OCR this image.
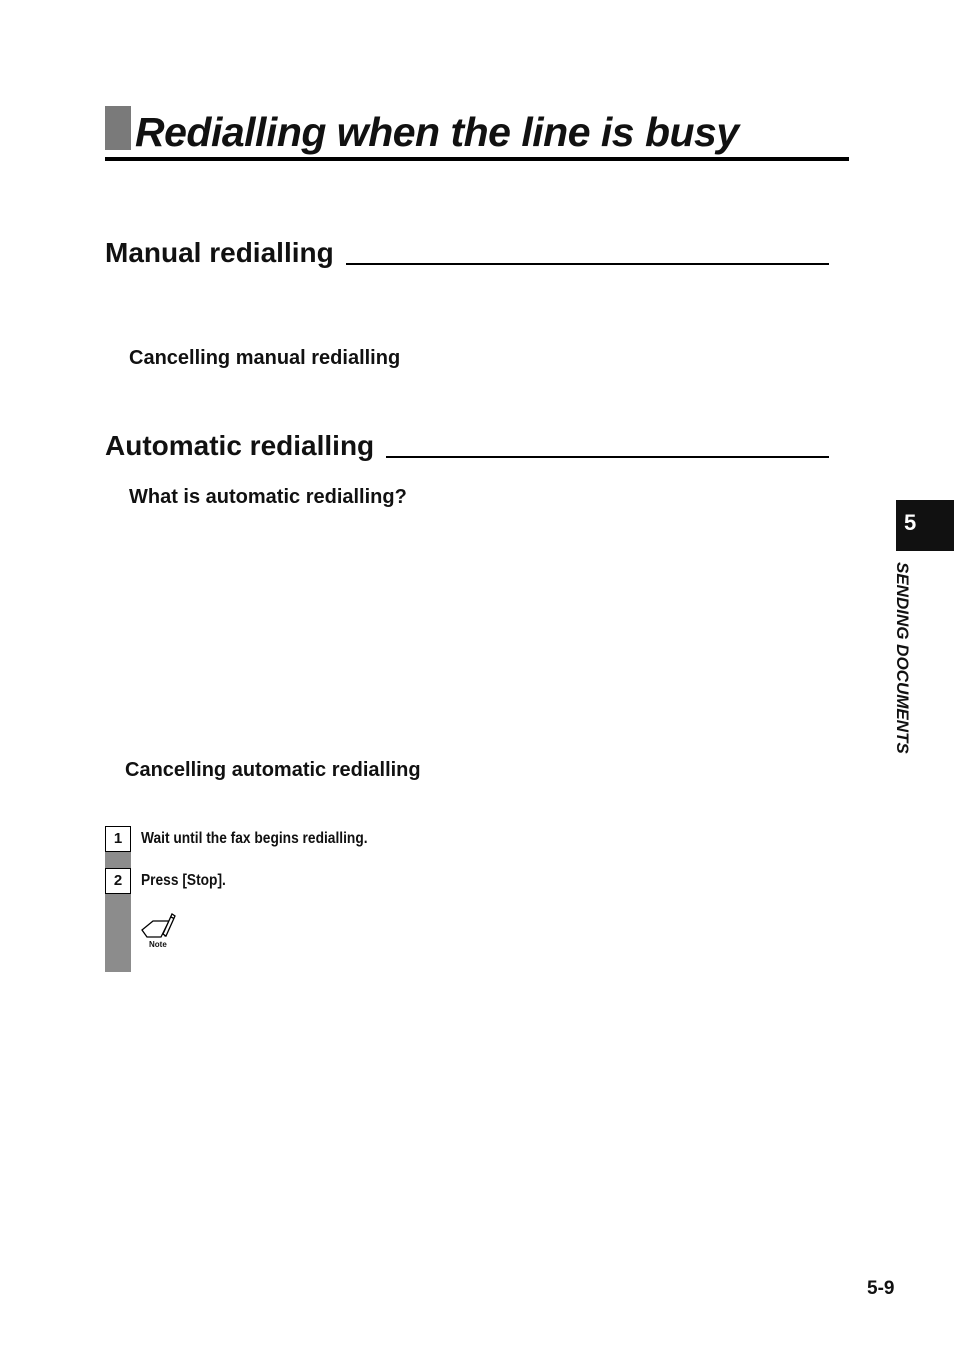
Redialling when the line is busy
Manual redialling
Cancelling manual redialling
Automatic redialling
What is automatic redialling?
Cancelling automatic redialling
1	Wait until the fax begins redialling.
2	Press [Stop].
Note
5
SENDING DOCUMENTS
5-9
